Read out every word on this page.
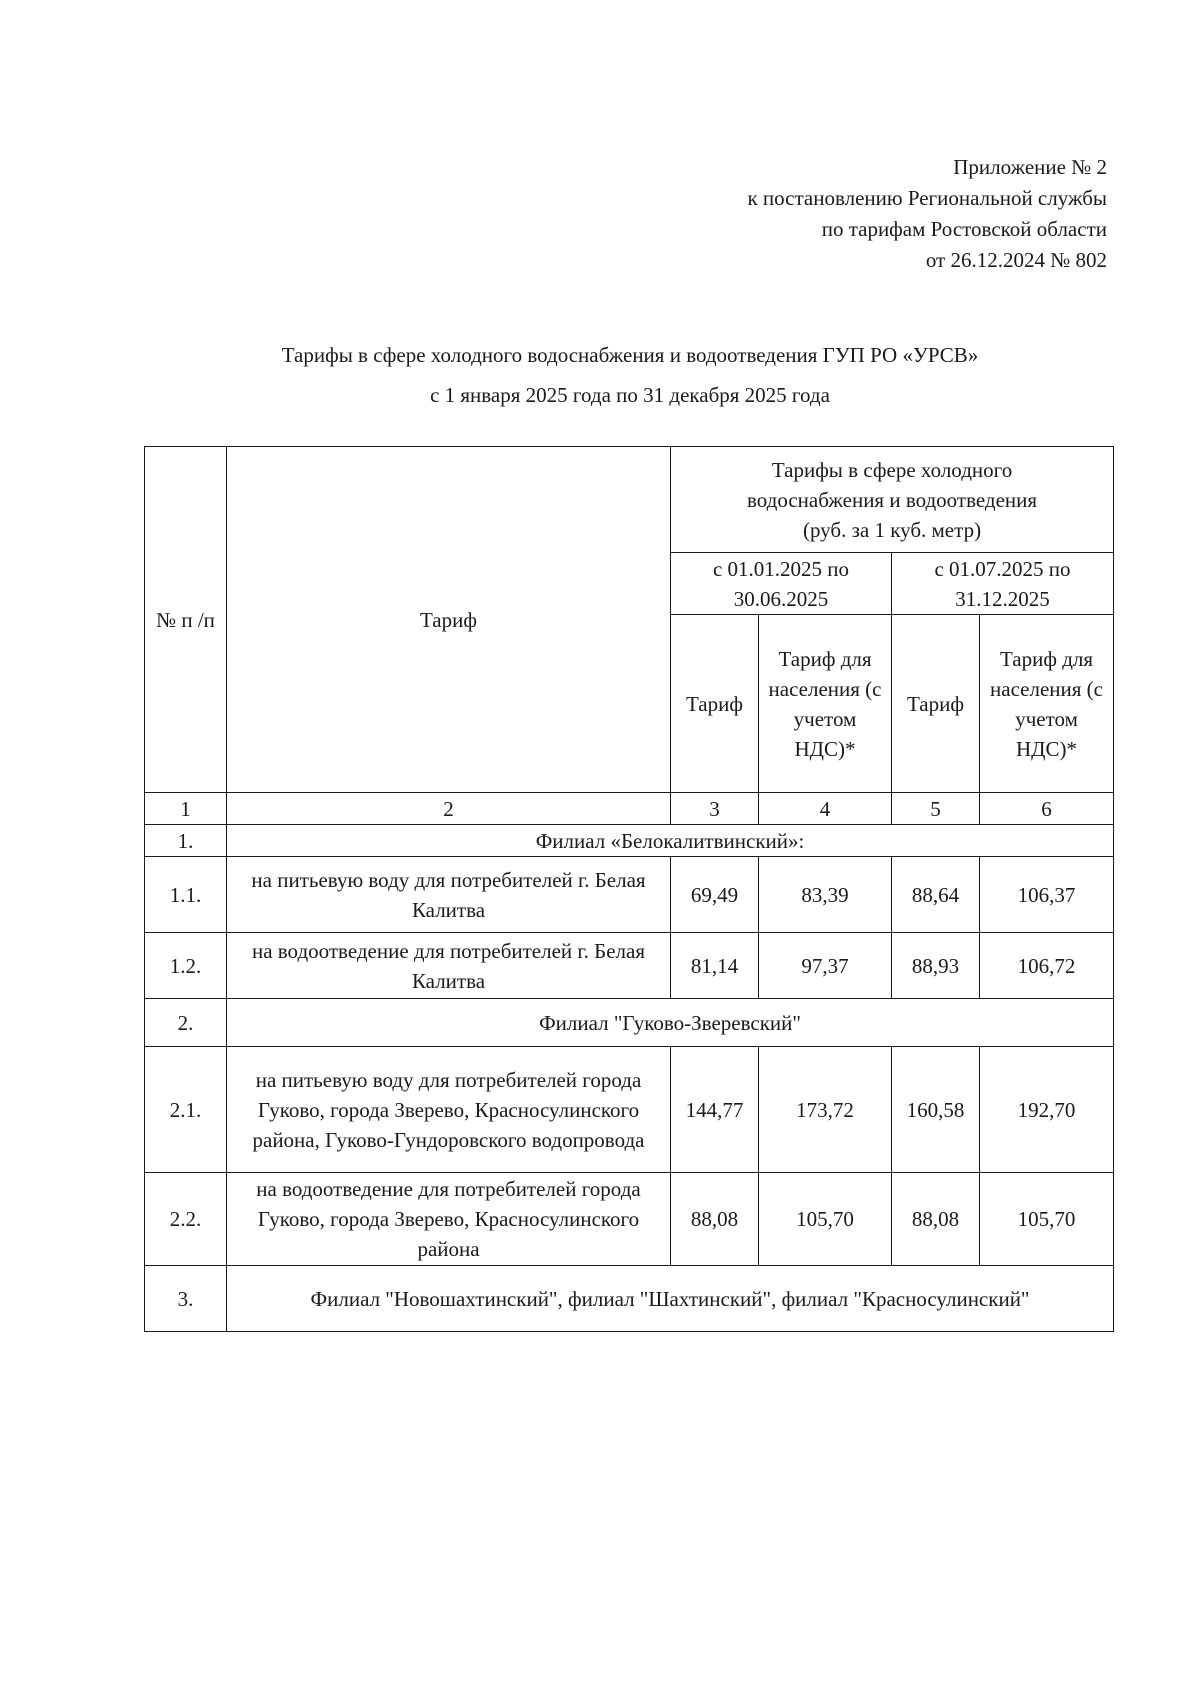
Приложение № 2
к постановлению Региональной службы
по тарифам Ростовской области
от 26.12.2024 № 802
Тарифы в сфере холодного водоснабжения и водоотведения ГУП РО «УРСВ»
с 1 января 2025 года по 31 декабря 2025 года
№ п /п	Тариф	Тарифы в сфере холодного водоснабжения и водоотведения (руб. за 1 куб. метр)			
		с 01.01.2025 по 30.06.2025		с 01.07.2025 по 31.12.2025	
		Тариф	Тариф для населения (с учетом НДС)*	Тариф	Тариф для населения (с учетом НДС)*
1	2	3	4	5	6
1.	Филиал «Белокалитвинский»:				
1.1.	на питьевую воду для потребителей г. Белая Калитва	69,49	83,39	88,64	106,37
1.2.	на водоотведение для потребителей г. Белая Калитва	81,14	97,37	88,93	106,72
2.	Филиал "Гуково-Зверевский"				
2.1.	на питьевую воду для потребителей города Гуково, города Зверево, Красносулинского района, Гуково-Гундоровского водопровода	144,77	173,72	160,58	192,70
2.2.	на водоотведение для потребителей города Гуково, города Зверево, Красносулинского района	88,08	105,70	88,08	105,70
3.	Филиал "Новошахтинский", филиал "Шахтинский", филиал "Красносулинский"				
